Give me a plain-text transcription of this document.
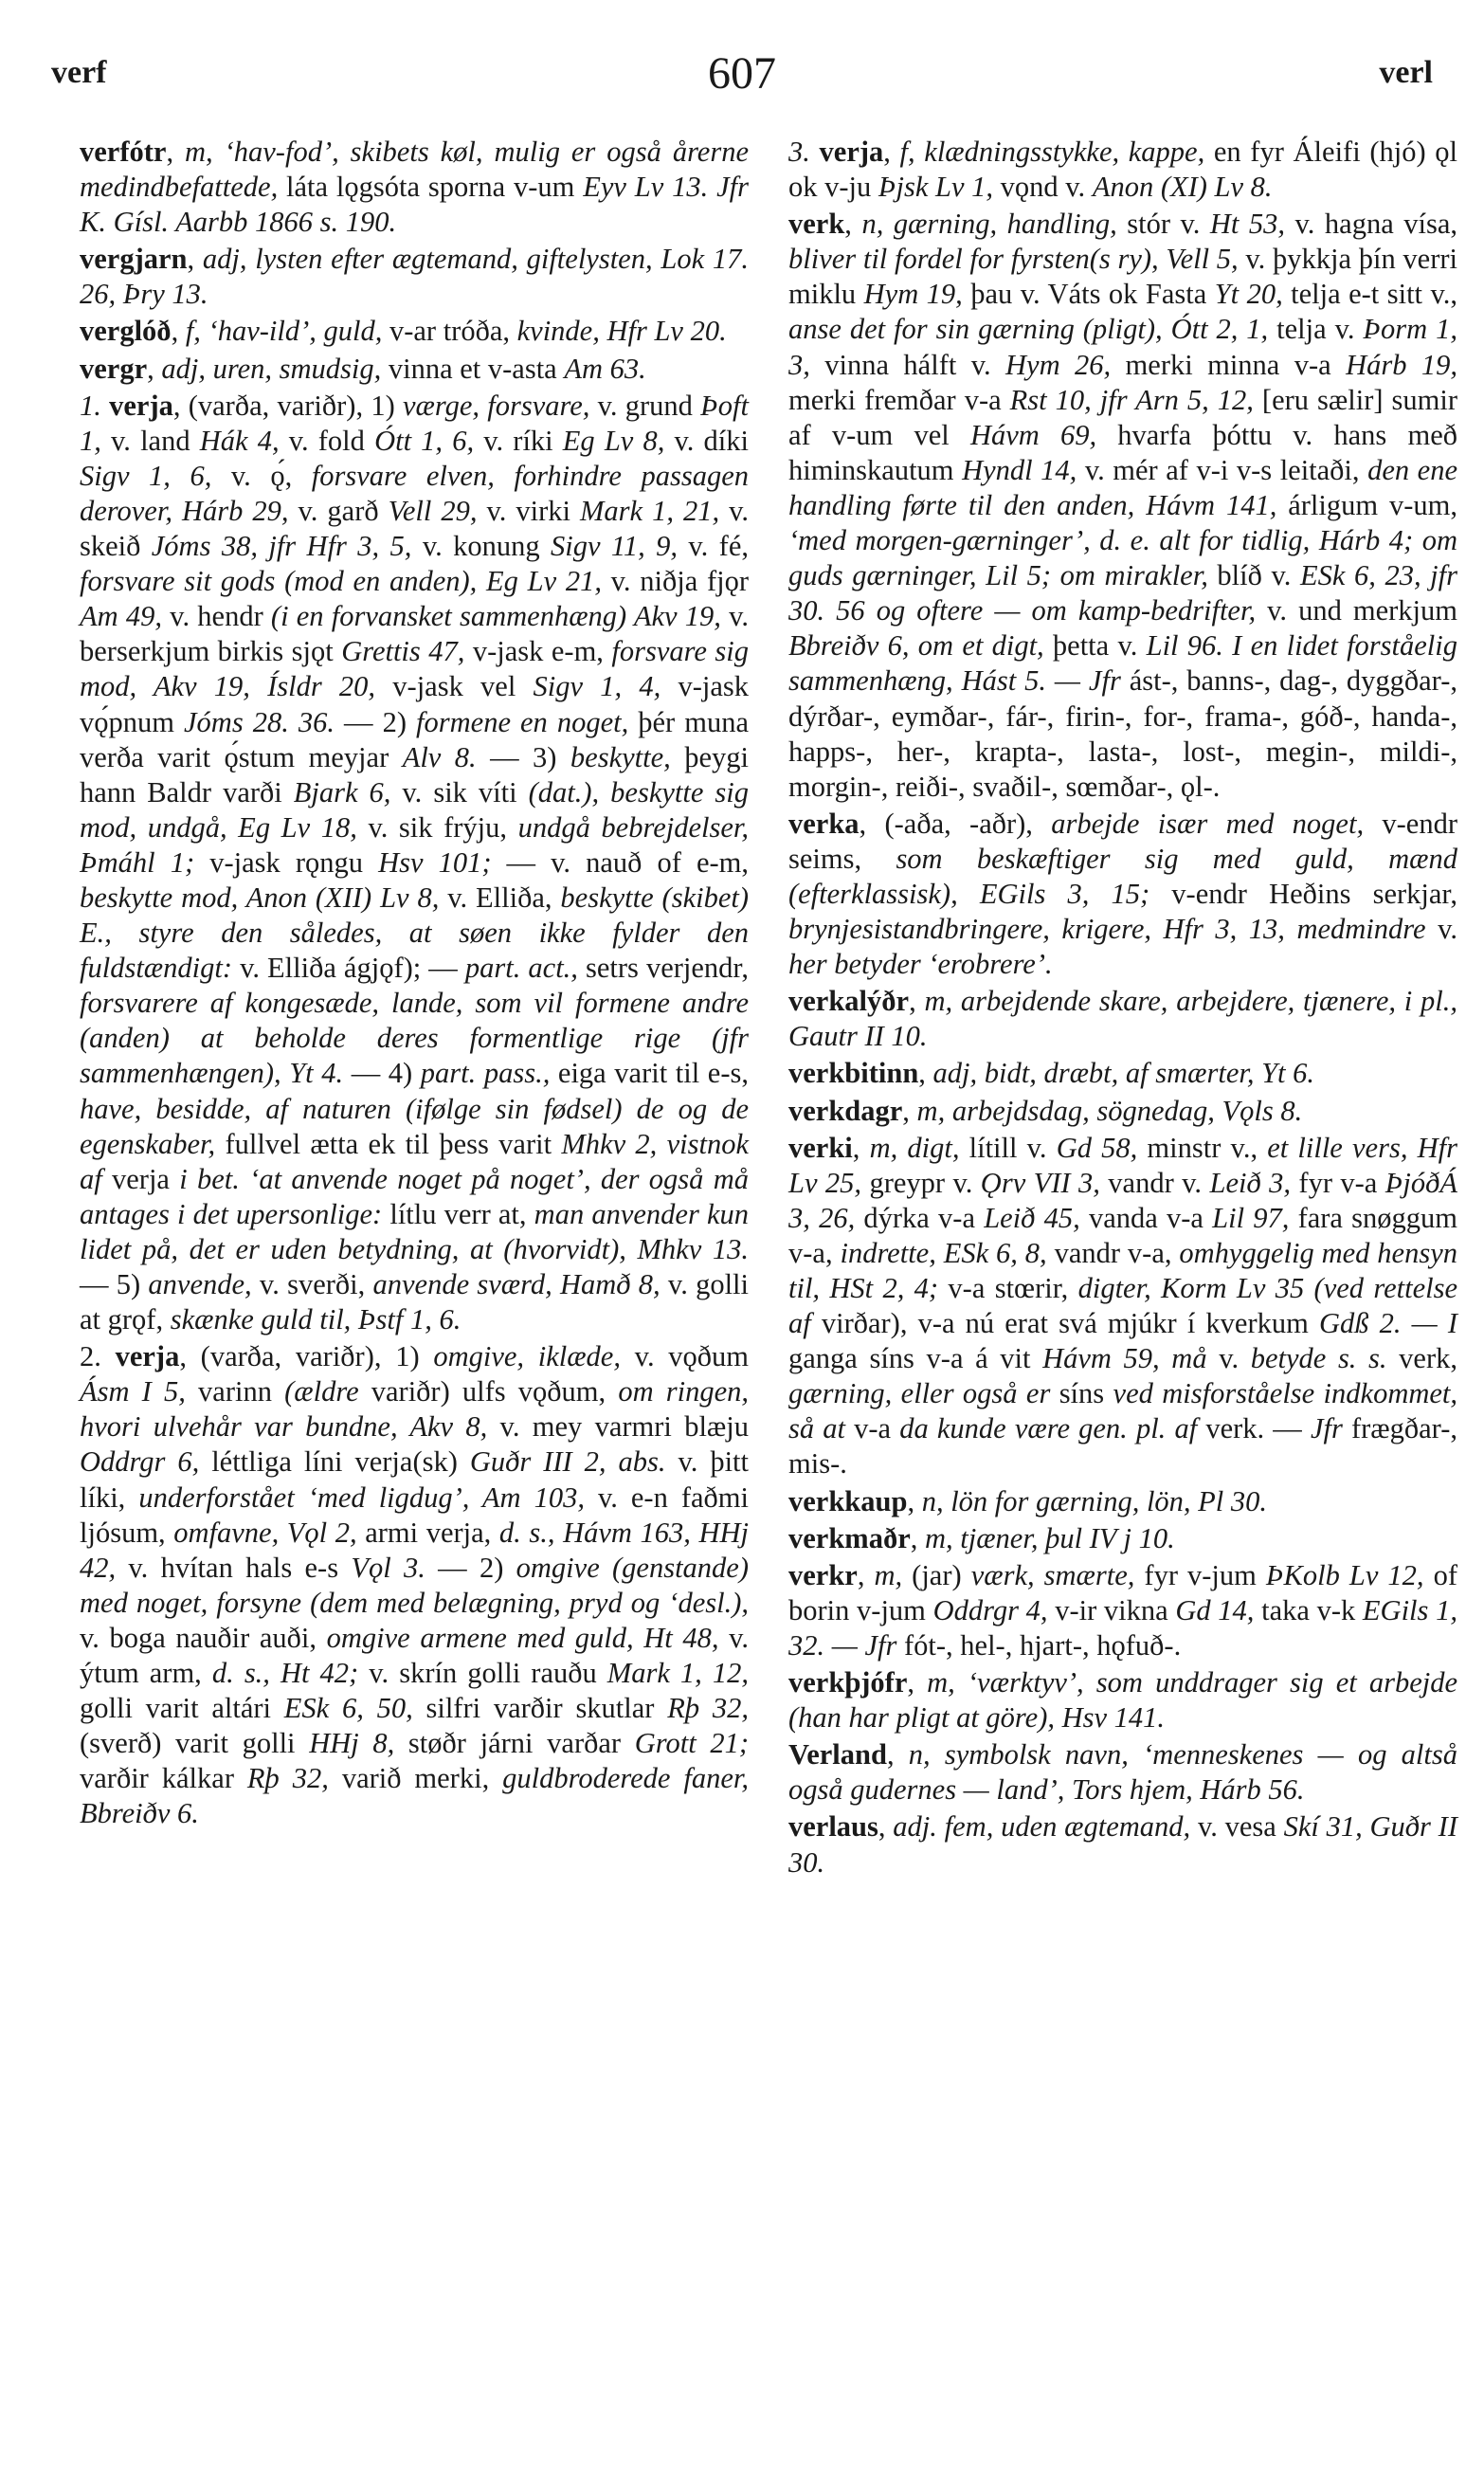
verf	607	verl

verfótr, m, ‘hav-fod’, skibets køl, mulig er også årerne medindbefattede, láta lǫgsóta sporna v-um Eyv Lv 13. Jfr K. Gísl. Aarbb 1866 s. 190.

vergjarn, adj, lysten efter ægtemand, giftelysten, Lok 17. 26, Þry 13.

verglóð, f, ‘hav-ild’, guld, v-ar tróða, kvinde, Hfr Lv 20.

vergr, adj, uren, smudsig, vinna et v-asta Am 63.

1. verja, (varða, variðr), 1) værge, forsvare, v. grund Þoft 1, v. land Hák 4, v. fold Ótt 1, 6, v. ríki Eg Lv 8, v. díki Sigv 1, 6, v. ǫ́, forsvare elven, forhindre passagen derover, Hárb 29, v. garð Vell 29, v. virki Mark 1, 21, v. skeið Jóms 38, jfr Hfr 3, 5, v. konung Sigv 11, 9, v. fé, forsvare sit gods (mod en anden), Eg Lv 21, v. niðja fjǫr Am 49, v. hendr (i en forvansket sammenhæng) Akv 19, v. berserkjum birkis sjǫt Grettis 47, v-jask e-m, forsvare sig mod, Akv 19, Ísldr 20, v-jask vel Sigv 1, 4, v-jask vǫ́pnum Jóms 28. 36. — 2) formene en noget, þér muna verða varit ǫ́stum meyjar Alv 8. — 3) beskytte, þeygi hann Baldr varði Bjark 6, v. sik víti (dat.), beskytte sig mod, undgå, Eg Lv 18, v. sik frýju, undgå bebrejdelser, Þmáhl 1; v-jask rǫngu Hsv 101; — v. nauð of e-m, beskytte mod, Anon (XII) Lv 8, v. Elliða, beskytte (skibet) E., styre den således, at søen ikke fylder den fuldstændigt: v. Elliða ágjǫf); — part. act., setrs verjendr, forsvarere af kongesæde, lande, som vil formene andre (anden) at beholde deres formentlige rige (jfr sammenhængen), Yt 4. — 4) part. pass., eiga varit til e-s, have, besidde, af naturen (ifølge sin fødsel) de og de egenskaber, fullvel ætta ek til þess varit Mhkv 2, vistnok af verja i bet. ‘at anvende noget på noget’, der også må antages i det upersonlige: lítlu verr at, man anvender kun lidet på, det er uden betydning, at (hvorvidt), Mhkv 13. — 5) anvende, v. sverði, anvende sværd, Hamð 8, v. golli at grǫf, skænke guld til, Þstf 1, 6.

2. verja, (varða, variðr), 1) omgive, iklæde, v. vǫðum Ásm I 5, varinn (ældre variðr) ulfs vǫðum, om ringen, hvori ulvehår var bundne, Akv 8, v. mey varmri blæju Oddrgr 6, léttliga líni verja(sk) Guðr III 2, abs. v. þitt líki, underforstået ‘med ligdug’, Am 103, v. e-n faðmi ljósum, omfavne, Vǫl 2, armi verja, d. s., Hávm 163, HHj 42, v. hvítan hals e-s Vǫl 3. — 2) omgive (genstande) med noget, forsyne (dem med belægning, pryd og ‘desl.), v. boga nauðir auði, omgive armene med guld, Ht 48, v. ýtum arm, d. s., Ht 42; v. skrín golli rauðu Mark 1, 12, golli varit altári ESk 6, 50, silfri varðir skutlar Rþ 32, (sverð) varit golli HHj 8, støðr járni varðar Grott 21; varðir kálkar Rþ 32, varið merki, guldbroderede faner, Bbreiðv 6.

3. verja, f, klædningsstykke, kappe, en fyr Áleifi (hjó) ǫl ok v-ju Þjsk Lv 1, vǫnd v. Anon (XI) Lv 8.

verk, n, gærning, handling, stór v. Ht 53, v. hagna vísa, bliver til fordel for fyrsten(s ry), Vell 5, v. þykkja þín verri miklu Hym 19, þau v. Váts ok Fasta Yt 20, telja e-t sitt v., anse det for sin gærning (pligt), Ótt 2, 1, telja v. Þorm 1, 3, vinna hálft v. Hym 26, merki minna v-a Hárb 19, merki fremðar v-a Rst 10, jfr Arn 5, 12, [eru sælir] sumir af v-um vel Hávm 69, hvarfa þóttu v. hans með himinskautum Hyndl 14, v. mér af v-i v-s leitaði, den ene handling førte til den anden, Hávm 141, árligum v-um, ‘med morgen-gærninger’, d. e. alt for tidlig, Hárb 4; om guds gærninger, Lil 5; om mirakler, blíð v. ESk 6, 23, jfr 30. 56 og oftere — om kamp-bedrifter, v. und merkjum Bbreiðv 6, om et digt, þetta v. Lil 96. I en lidet forståelig sammenhæng, Hást 5. — Jfr ást-, banns-, dag-, dyggðar-, dýrðar-, eymðar-, fár-, firin-, for-, frama-, góð-, handa-, happs-, her-, krapta-, lasta-, lost-, megin-, mildi-, morgin-, reiði-, svaðil-, sœmðar-, ǫl-.

verka, (-aða, -aðr), arbejde især med noget, v-endr seims, som beskæftiger sig med guld, mænd (efterklassisk), EGils 3, 15; v-endr Heðins serkjar, brynjesistandbringere, krigere, Hfr 3, 13, medmindre v. her betyder ‘erobrere’.

verkalýðr, m, arbejdende skare, arbejdere, tjænere, i pl., Gautr II 10.

verkbitinn, adj, bidt, dræbt, af smærter, Yt 6.

verkdagr, m, arbejdsdag, sögnedag, Vǫls 8.

verki, m, digt, lítill v. Gd 58, minstr v., et lille vers, Hfr Lv 25, greypr v. Ǫrv VII 3, vandr v. Leið 3, fyr v-a ÞjóðÁ 3, 26, dýrka v-a Leið 45, vanda v-a Lil 97, fara snøggum v-a, indrette, ESk 6, 8, vandr v-a, omhyggelig med hensyn til, HSt 2, 4; v-a stœrir, digter, Korm Lv 35 (ved rettelse af virðar), v-a nú erat svá mjúkr í kverkum Gdß 2. — I ganga síns v-a á vit Hávm 59, må v. betyde s. s. verk, gærning, eller også er síns ved misforståelse indkommet, så at v-a da kunde være gen. pl. af verk. — Jfr frægðar-, mis-.

verkkaup, n, lön for gærning, lön, Pl 30.

verkmaðr, m, tjæner, þul IV j 10.

verkr, m, (jar) værk, smærte, fyr v-jum ÞKolb Lv 12, of borin v-jum Oddrgr 4, v-ir vikna Gd 14, taka v-k EGils 1, 32. — Jfr fót-, hel-, hjart-, hǫfuð-.

verkþjófr, m, ‘værktyv’, som unddrager sig et arbejde (han har pligt at göre), Hsv 141.

Verland, n, symbolsk navn, ‘menneskenes — og altså også gudernes — land’, Tors hjem, Hárb 56.

verlaus, adj. fem, uden ægtemand, v. vesa Skí 31, Guðr II 30.
